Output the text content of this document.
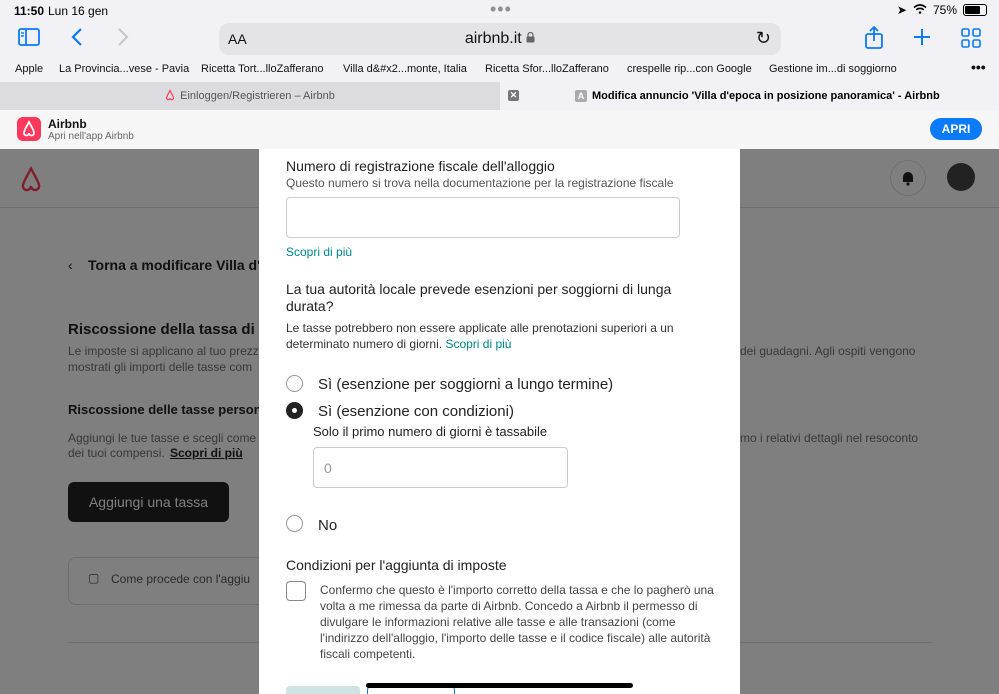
11:50 Lun 16 gen	•••	➤ 75%
AA	airbnb.it	↻
Apple La Provincia...vese - Pavia Ricetta Tort...lloZafferano Villa d&#x2...monte, Italia Ricetta Sfor...lloZafferano crespelle rip...con Google Gestione im...di soggiorno	•••
Einloggen/Registrieren – Airbnb	✕	A Modifica annuncio 'Villa d'epoca in posizione panoramica' - Airbnb
Airbnb
Apri nell'app Airbnb
APRI
Numero di registrazione fiscale dell'alloggio
Questo numero si trova nella documentazione per la registrazione fiscale
Scopri di più
La tua autorità locale prevede esenzioni per soggiorni di lunga durata?
Le tasse potrebbero non essere applicate alle prenotazioni superiori a un determinato numero di giorni. Scopri di più
Sì (esenzione per soggiorni a lungo termine)
Sì (esenzione con condizioni)
Solo il primo numero di giorni è tassabile
0
No
Condizioni per l'aggiunta di imposte
Confermo che questo è l'importo corretto della tassa e che lo pagherò una volta a me rimessa da parte di Airbnb. Concedo a Airbnb il permesso di divulgare le informazioni relative alle tasse e alle transazioni (come l'indirizzo dell'alloggio, l'importo delle tasse e il codice fiscale) alle autorità fiscali competenti.
